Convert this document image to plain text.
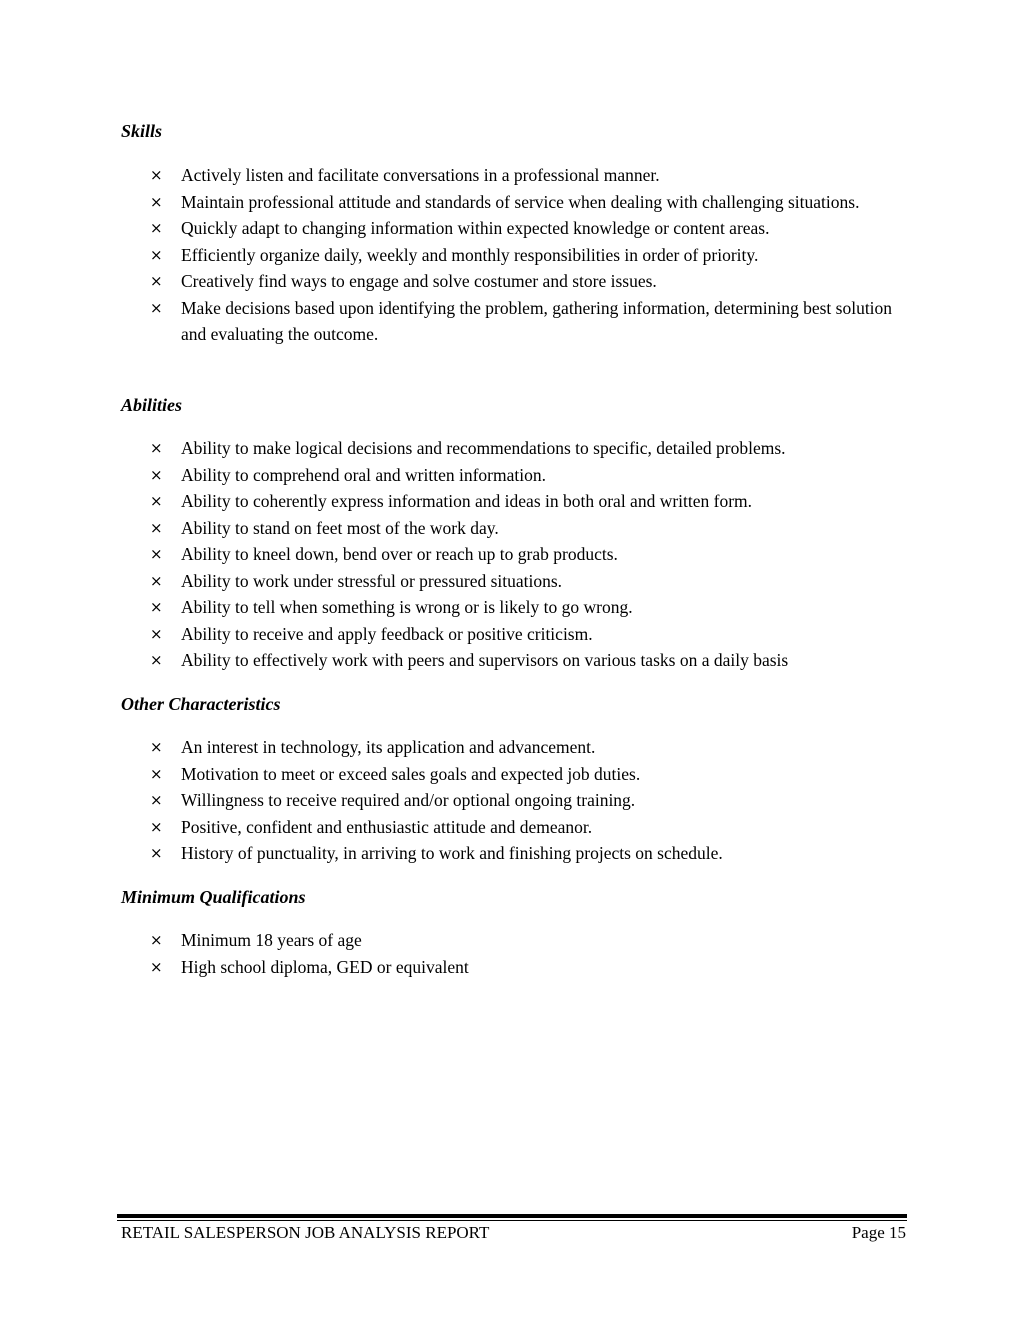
Skills
× Actively listen and facilitate conversations in a professional manner.
× Maintain professional attitude and standards of service when dealing with challenging situations.
× Quickly adapt to changing information within expected knowledge or content areas.
× Efficiently organize daily, weekly and monthly responsibilities in order of priority.
× Creatively find ways to engage and solve costumer and store issues.
× Make decisions based upon identifying the problem, gathering information, determining best solution and evaluating the outcome.
Abilities
× Ability to make logical decisions and recommendations to specific, detailed problems.
× Ability to comprehend oral and written information.
× Ability to coherently express information and ideas in both oral and written form.
× Ability to stand on feet most of the work day.
× Ability to kneel down, bend over or reach up to grab products.
× Ability to work under stressful or pressured situations.
× Ability to tell when something is wrong or is likely to go wrong.
× Ability to receive and apply feedback or positive criticism.
× Ability to effectively work with peers and supervisors on various tasks on a daily basis
Other Characteristics
× An interest in technology, its application and advancement.
× Motivation to meet or exceed sales goals and expected job duties.
× Willingness to receive required and/or optional ongoing training.
× Positive, confident and enthusiastic attitude and demeanor.
× History of punctuality, in arriving to work and finishing projects on schedule.
Minimum Qualifications
× Minimum 18 years of age
× High school diploma, GED or equivalent
RETAIL SALESPERSON JOB ANALYSIS REPORT	Page 15
